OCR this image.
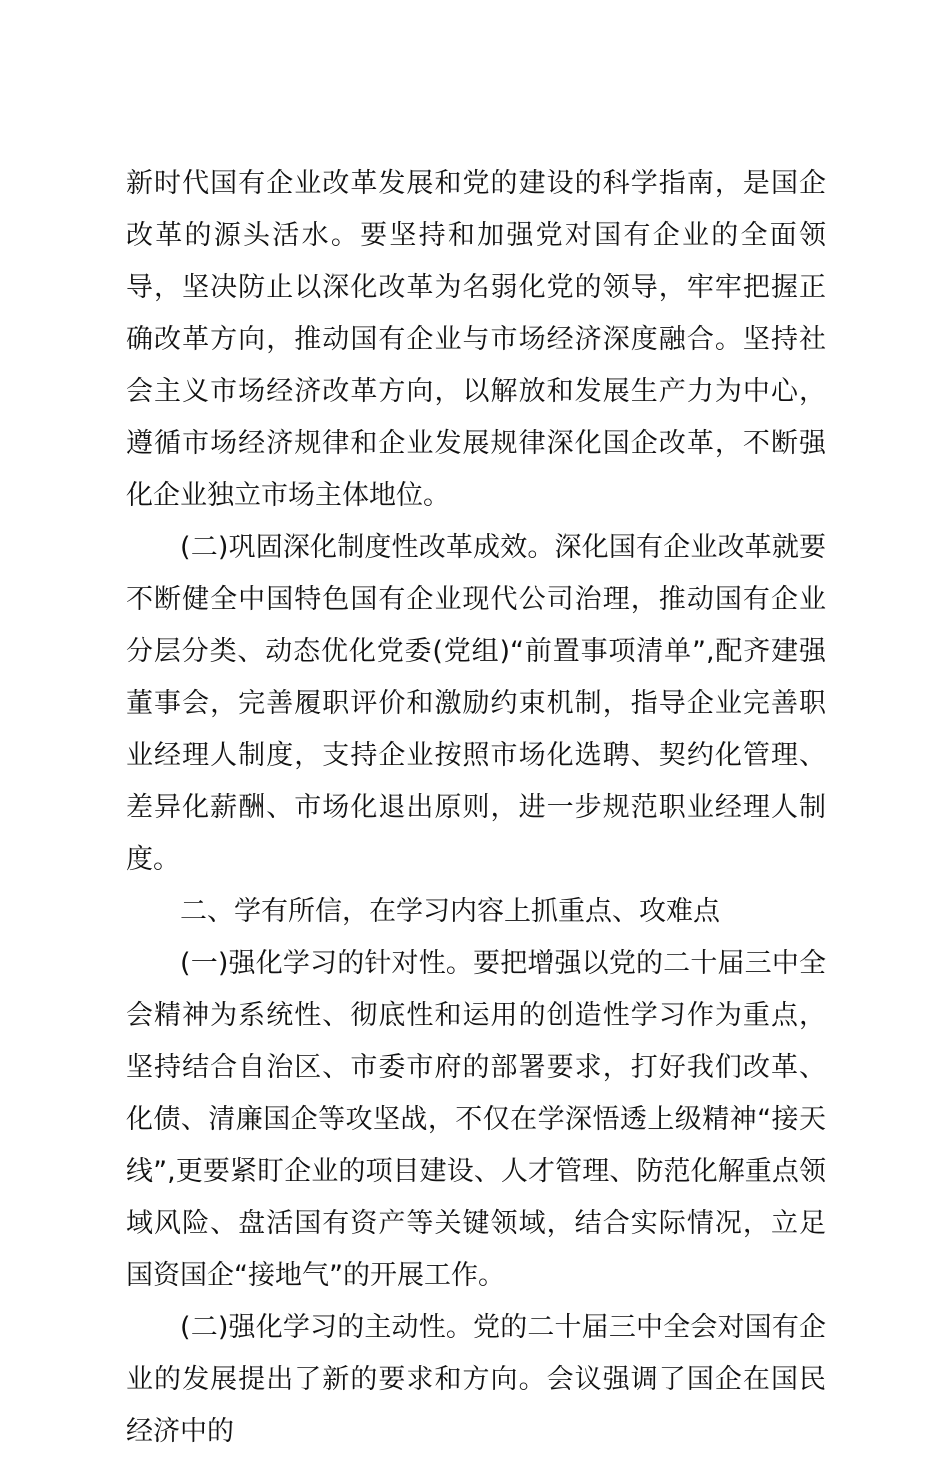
新时代国有企业改革发展和党的建设的科学指南，是国企改革的源头活水。要坚持和加强党对国有企业的全面领导，坚决防止以深化改革为名弱化党的领导，牢牢把握正确改革方向，推动国有企业与市场经济深度融合。坚持社会主义市场经济改革方向，以解放和发展生产力为中心，遵循市场经济规律和企业发展规律深化国企改革，不断强化企业独立市场主体地位。

(二)巩固深化制度性改革成效。深化国有企业改革就要不断健全中国特色国有企业现代公司治理，推动国有企业分层分类、动态优化党委(党组)“前置事项清单”,配齐建强董事会，完善履职评价和激励约束机制，指导企业完善职业经理人制度，支持企业按照市场化选聘、契约化管理、差异化薪酬、市场化退出原则，进一步规范职业经理人制度。

二、学有所信，在学习内容上抓重点、攻难点

(一)强化学习的针对性。要把增强以党的二十届三中全会精神为系统性、彻底性和运用的创造性学习作为重点，坚持结合自治区、市委市府的部署要求，打好我们改革、化债、清廉国企等攻坚战，不仅在学深悟透上级精神“接天线”,更要紧盯企业的项目建设、人才管理、防范化解重点领域风险、盘活国有资产等关键领域，结合实际情况，立足国资国企“接地气”的开展工作。

(二)强化学习的主动性。党的二十届三中全会对国有企业的发展提出了新的要求和方向。会议强调了国企在国民经济中的
